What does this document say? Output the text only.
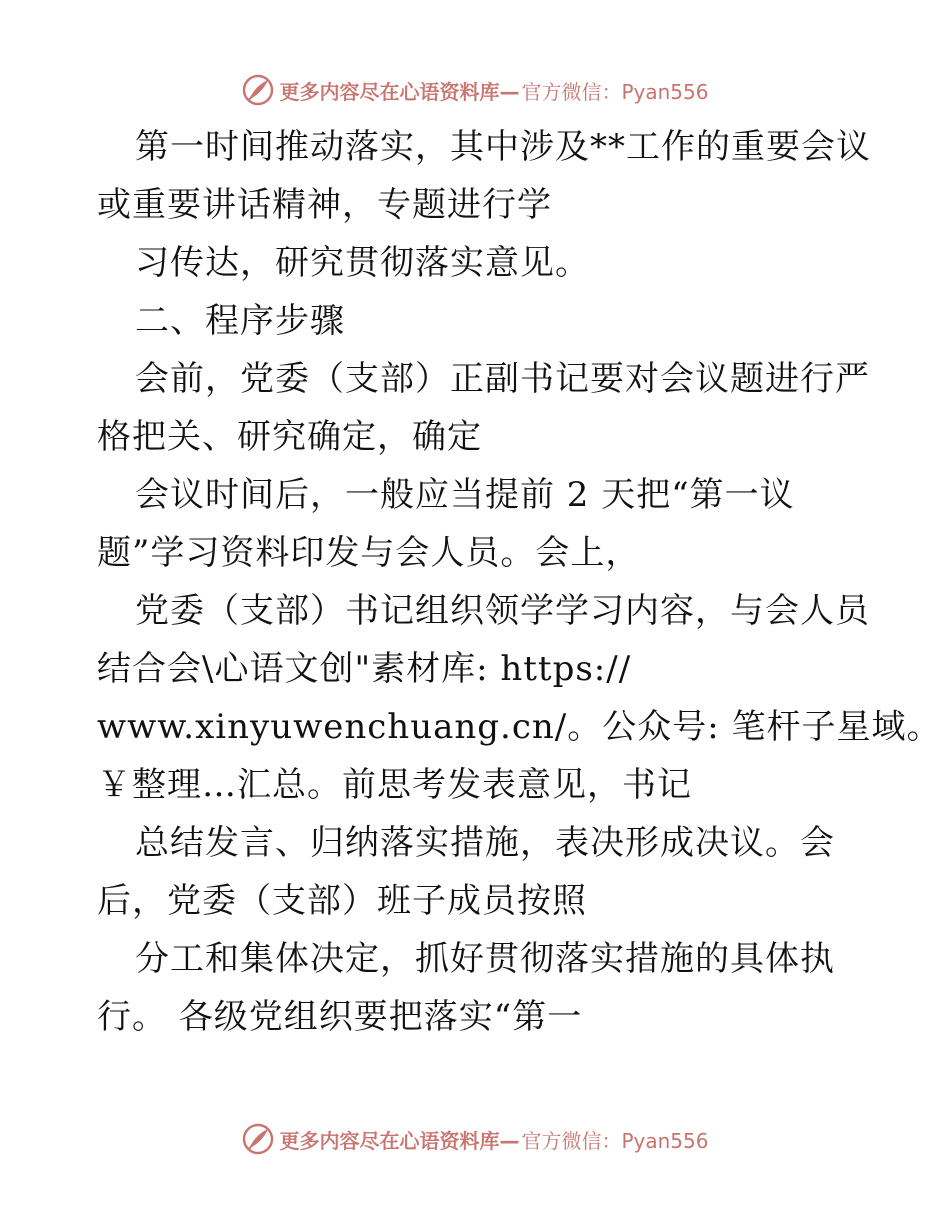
更多内容尽在心语资料库— 官方微信：Pyan556
第一时间推动落实，其中涉及**工作的重要会议
或重要讲话精神，专题进行学
习传达，研究贯彻落实意见。
二、程序步骤
会前，党委（支部）正副书记要对会议题进行严
格把关、研究确定，确定
会议时间后，一般应当提前 2 天把“第一议
题”学习资料印发与会人员。会上，
党委（支部）书记组织领学学习内容，与会人员
结合会\心语文创"素材库: https://
www.xinyuwenchuang.cn/。公众号: 笔杆子星域。
￥整理…汇总。前思考发表意见，书记
总结发言、归纳落实措施，表决形成决议。会
后，党委（支部）班子成员按照
分工和集体决定，抓好贯彻落实措施的具体执
行。 各级党组织要把落实“第一
更多内容尽在心语资料库— 官方微信：Pyan556
